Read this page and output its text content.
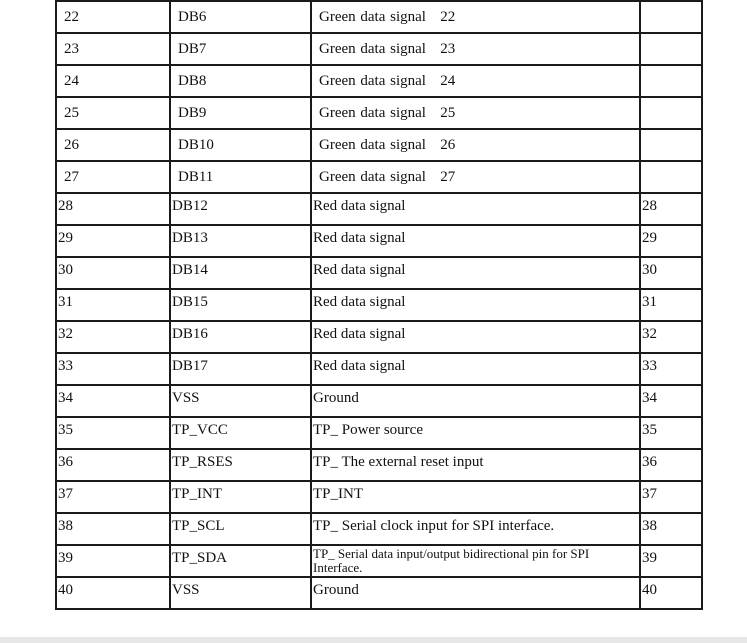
22	DB6	Green data signal   22	

23	DB7	Green data signal   23	

24	DB8	Green data signal   24	

25	DB9	Green data signal   25	

26	DB10	Green data signal   26	

27	DB11	Green data signal   27	

28	DB12	Red data signal	28

29	DB13	Red data signal	29

30	DB14	Red data signal	30

31	DB15	Red data signal	31

32	DB16	Red data signal	32

33	DB17	Red data signal	33

34	VSS	Ground	34

35	TP_VCC	TP_ Power source	35

36	TP_RSES	TP_ The external reset input	36

37	TP_INT	TP_INT	37

38	TP_SCL	TP_ Serial clock input for SPI interface.	38

39	TP_SDA	TP_ Serial data input/output bidirectional pin for SPI Interface.	39

40	VSS	Ground	40
